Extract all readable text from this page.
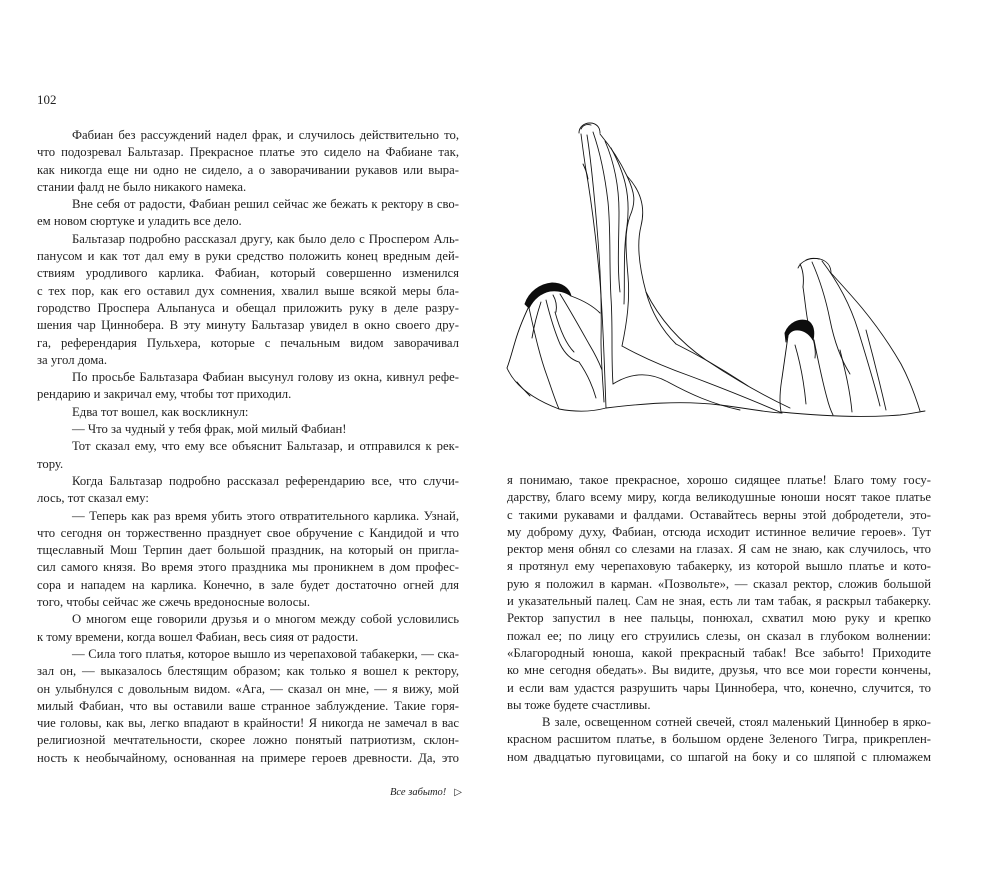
102
Фабиан без рассуждений надел фрак, и случилось действительно то,
что подозревал Бальтазар. Прекрасное платье это сидело на Фабиане так,
как никогда еще ни одно не сидело, а о заворачивании рукавов или выра-
стании фалд не было никакого намека.
Вне себя от радости, Фабиан решил сейчас же бежать к ректору в сво-
ем новом сюртуке и уладить все дело.
Бальтазар подробно рассказал другу, как было дело с Проспером Аль-
панусом и как тот дал ему в руки средство положить конец вредным дей-
ствиям уродливого карлика. Фабиан, который совершенно изменился
с тех пор, как его оставил дух сомнения, хвалил выше всякой меры бла-
городство Проспера Альпануса и обещал приложить руку в деле разру-
шения чар Циннобера. В эту минуту Бальтазар увидел в окно своего дру-
га, референдария Пульхера, которые с печальным видом заворачивал
за угол дома.
По просьбе Бальтазара Фабиан высунул голову из окна, кивнул рефе-
рендарию и закричал ему, чтобы тот приходил.
Едва тот вошел, как воскликнул:
— Что за чудный у тебя фрак, мой милый Фабиан!
Тот сказал ему, что ему все объяснит Бальтазар, и отправился к рек-
тору.
Когда Бальтазар подробно рассказал референдарию все, что случи-
лось, тот сказал ему:
— Теперь как раз время убить этого отвратительного карлика. Узнай,
что сегодня он торжественно празднует свое обручение с Кандидой и что
тщеславный Мош Терпин дает большой праздник, на который он пригла-
сил самого князя. Во время этого праздника мы проникнем в дом профес-
сора и нападем на карлика. Конечно, в зале будет достаточно огней для
того, чтобы сейчас же сжечь вредоносные волосы.
О многом еще говорили друзья и о многом между собой условились
к тому времени, когда вошел Фабиан, весь сияя от радости.
— Сила того платья, которое вышло из черепаховой табакерки, — ска-
зал он, — выказалось блестящим образом; как только я вошел к ректору,
он улыбнулся с довольным видом. «Ага, — сказал он мне, — я вижу, мой
милый Фабиан, что вы оставили ваше странное заблуждение. Такие горя-
чие головы, как вы, легко впадают в крайности! Я никогда не замечал в вас
религиозной мечтательности, скорее ложно понятый патриотизм, склон-
ность к необычайному, основанная на примере героев древности. Да, это
Все забыто! ▷
я понимаю, такое прекрасное, хорошо сидящее платье! Благо тому госу-
дарству, благо всему миру, когда великодушные юноши носят такое платье
с такими рукавами и фалдами. Оставайтесь верны этой добродетели, это-
му доброму духу, Фабиан, отсюда исходит истинное величие героев». Тут
ректор меня обнял со слезами на глазах. Я сам не знаю, как случилось, что
я протянул ему черепаховую табакерку, из которой вышло платье и кото-
рую я положил в карман. «Позвольте», — сказал ректор, сложив большой
и указательный палец. Сам не зная, есть ли там табак, я раскрыл табакерку.
Ректор запустил в нее пальцы, понюхал, схватил мою руку и крепко
пожал ее; по лицу его струились слезы, он сказал в глубоком волнении:
«Благородный юноша, какой прекрасный табак! Все забыто! Приходите
ко мне сегодня обедать». Вы видите, друзья, что все мои горести кончены,
и если вам удастся разрушить чары Циннобера, что, конечно, случится, то
вы тоже будете счастливы.
В зале, освещенном сотней свечей, стоял маленький Циннобер в ярко-
красном расшитом платье, в большом ордене Зеленого Тигра, прикреплен-
ном двадцатью пуговицами, со шпагой на боку и со шляпой с плюмажем
